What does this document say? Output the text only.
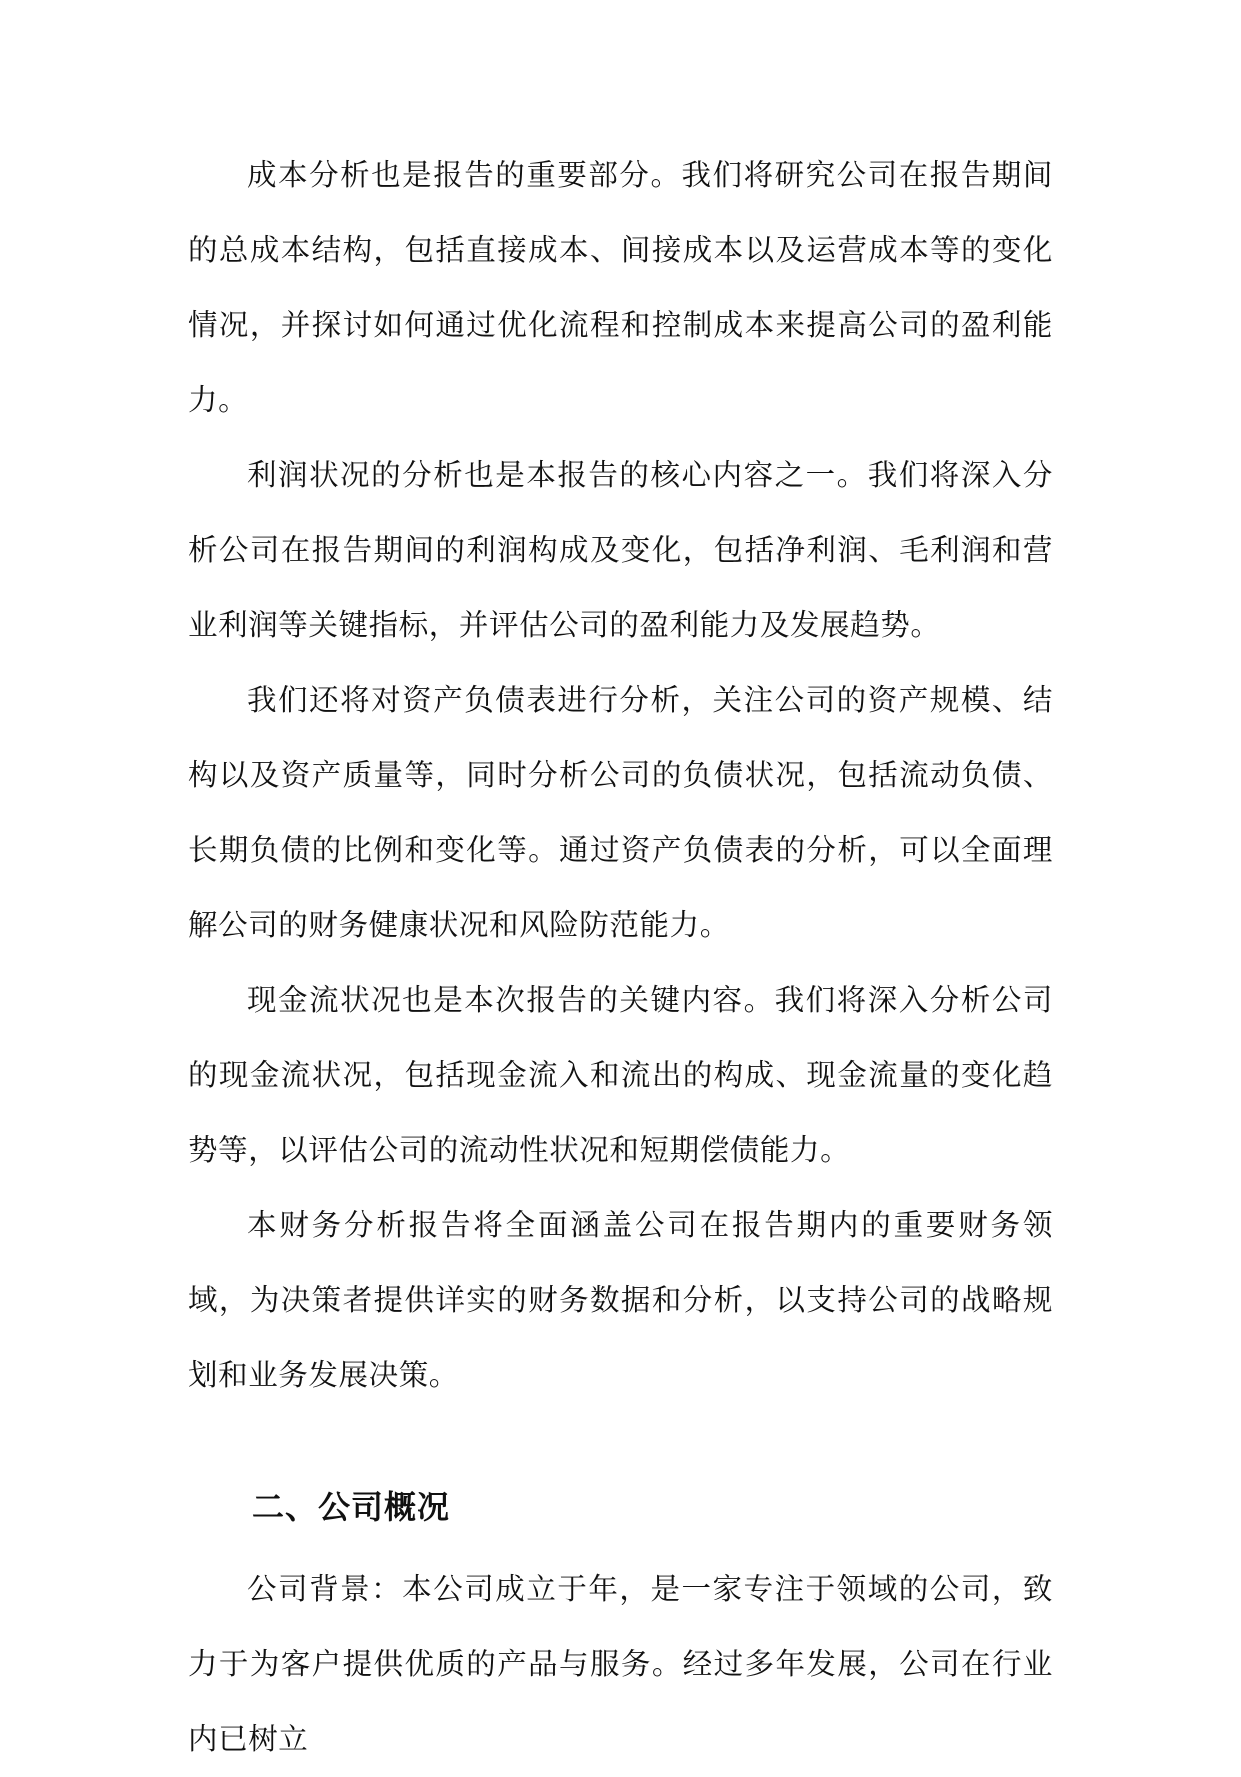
成本分析也是报告的重要部分。我们将研究公司在报告期间的总成本结构，包括直接成本、间接成本以及运营成本等的变化情况，并探讨如何通过优化流程和控制成本来提高公司的盈利能力。

利润状况的分析也是本报告的核心内容之一。我们将深入分析公司在报告期间的利润构成及变化，包括净利润、毛利润和营业利润等关键指标，并评估公司的盈利能力及发展趋势。

我们还将对资产负债表进行分析，关注公司的资产规模、结构以及资产质量等，同时分析公司的负债状况，包括流动负债、长期负债的比例和变化等。通过资产负债表的分析，可以全面理解公司的财务健康状况和风险防范能力。

现金流状况也是本次报告的关键内容。我们将深入分析公司的现金流状况，包括现金流入和流出的构成、现金流量的变化趋势等，以评估公司的流动性状况和短期偿债能力。

本财务分析报告将全面涵盖公司在报告期内的重要财务领域，为决策者提供详实的财务数据和分析，以支持公司的战略规划和业务发展决策。

二、公司概况

公司背景：本公司成立于年，是一家专注于领域的公司，致力于为客户提供优质的产品与服务。经过多年发展，公司在行业内已树立
